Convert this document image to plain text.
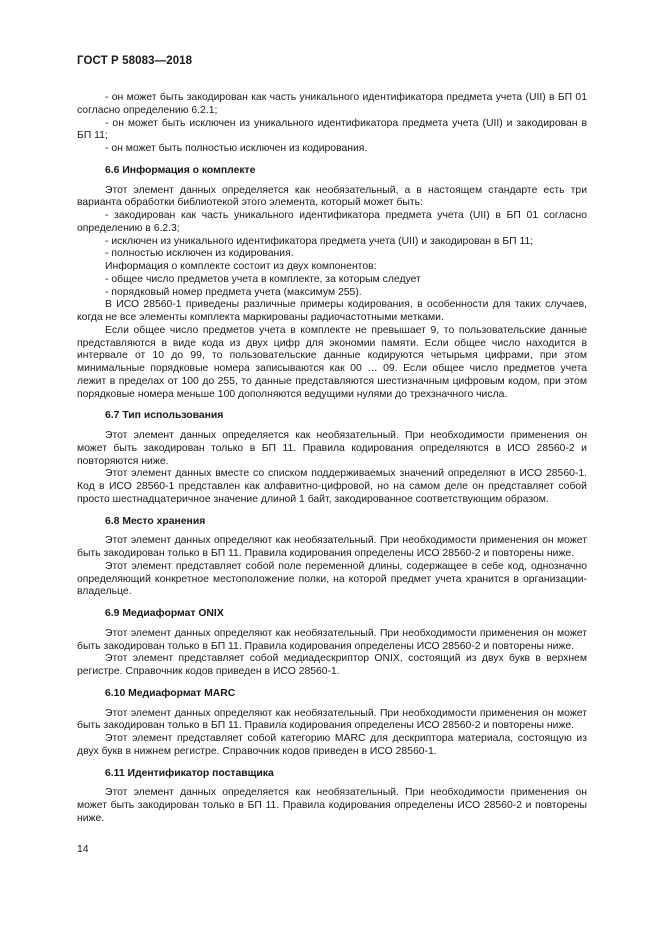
ГОСТ Р 58083—2018

- он может быть закодирован как часть уникального идентификатора предмета учета (UII) в БП 01 согласно определению 6.2.1;

- он может быть исключен из уникального идентификатора предмета учета (UII) и закодирован в БП 11;

- он может быть полностью исключен из кодирования.

6.6 Информация о комплекте

Этот элемент данных определяется как необязательный, а в настоящем стандарте есть три варианта обработки библиотекой этого элемента, который может быть:

- закодирован как часть уникального идентификатора предмета учета (UII) в БП 01 согласно определению в 6.2.3;

- исключен из уникального идентификатора предмета учета (UII) и закодирован в БП 11;

- полностью исключен из кодирования.

Информация о комплекте состоит из двух компонентов:

- общее число предметов учета в комплекте, за которым следует

- порядковый номер предмета учета (максимум 255).

В ИСО 28560-1 приведены различные примеры кодирования, в особенности для таких случаев, когда не все элементы комплекта маркированы радиочастотными метками.

Если общее число предметов учета в комплекте не превышает 9, то пользовательские данные представляются в виде кода из двух цифр для экономии памяти. Если общее число находится в интервале от 10 до 99, то пользовательские данные кодируются четырьмя цифрами, при этом минимальные порядковые номера записываются как 00 … 09. Если общее число предметов учета лежит в пределах от 100 до 255, то данные представляются шестизначным цифровым кодом, при этом порядковые номера меньше 100 дополняются ведущими нулями до трехзначного числа.

6.7 Тип использования

Этот элемент данных определяется как необязательный. При необходимости применения он может быть закодирован только в БП 11. Правила кодирования определяются в ИСО 28560-2 и повторяются ниже.

Этот элемент данных вместе со списком поддерживаемых значений определяют в ИСО 28560-1. Код в ИСО 28560-1 представлен как алфавитно-цифровой, но на самом деле он представляет собой просто шестнадцатеричное значение длиной 1 байт, закодированное соответствующим образом.

6.8 Место хранения

Этот элемент данных определяют как необязательный. При необходимости применения он может быть закодирован только в БП 11. Правила кодирования определены ИСО 28560-2 и повторены ниже.

Этот элемент представляет собой поле переменной длины, содержащее в себе код, однозначно определяющий конкретное местоположение полки, на которой предмет учета хранится в организации-владельце.

6.9 Медиаформат ONIX

Этот элемент данных определяют как необязательный. При необходимости применения он может быть закодирован только в БП 11. Правила кодирования определены ИСО 28560-2 и повторены ниже.

Этот элемент представляет собой медиадескриптор ONIX, состоящий из двух букв в верхнем регистре. Справочник кодов приведен в ИСО 28560-1.

6.10 Медиаформат MARC

Этот элемент данных определяют как необязательный. При необходимости применения он может быть закодирован только в БП 11. Правила кодирования определены ИСО 28560-2 и повторены ниже.

Этот элемент представляет собой категорию MARC для дескриптора материала, состоящую из двух букв в нижнем регистре. Справочник кодов приведен в ИСО 28560-1.

6.11 Идентификатор поставщика

Этот элемент данных определяется как необязательный. При необходимости применения он может быть закодирован только в БП 11. Правила кодирования определены ИСО 28560-2 и повторены ниже.

14
